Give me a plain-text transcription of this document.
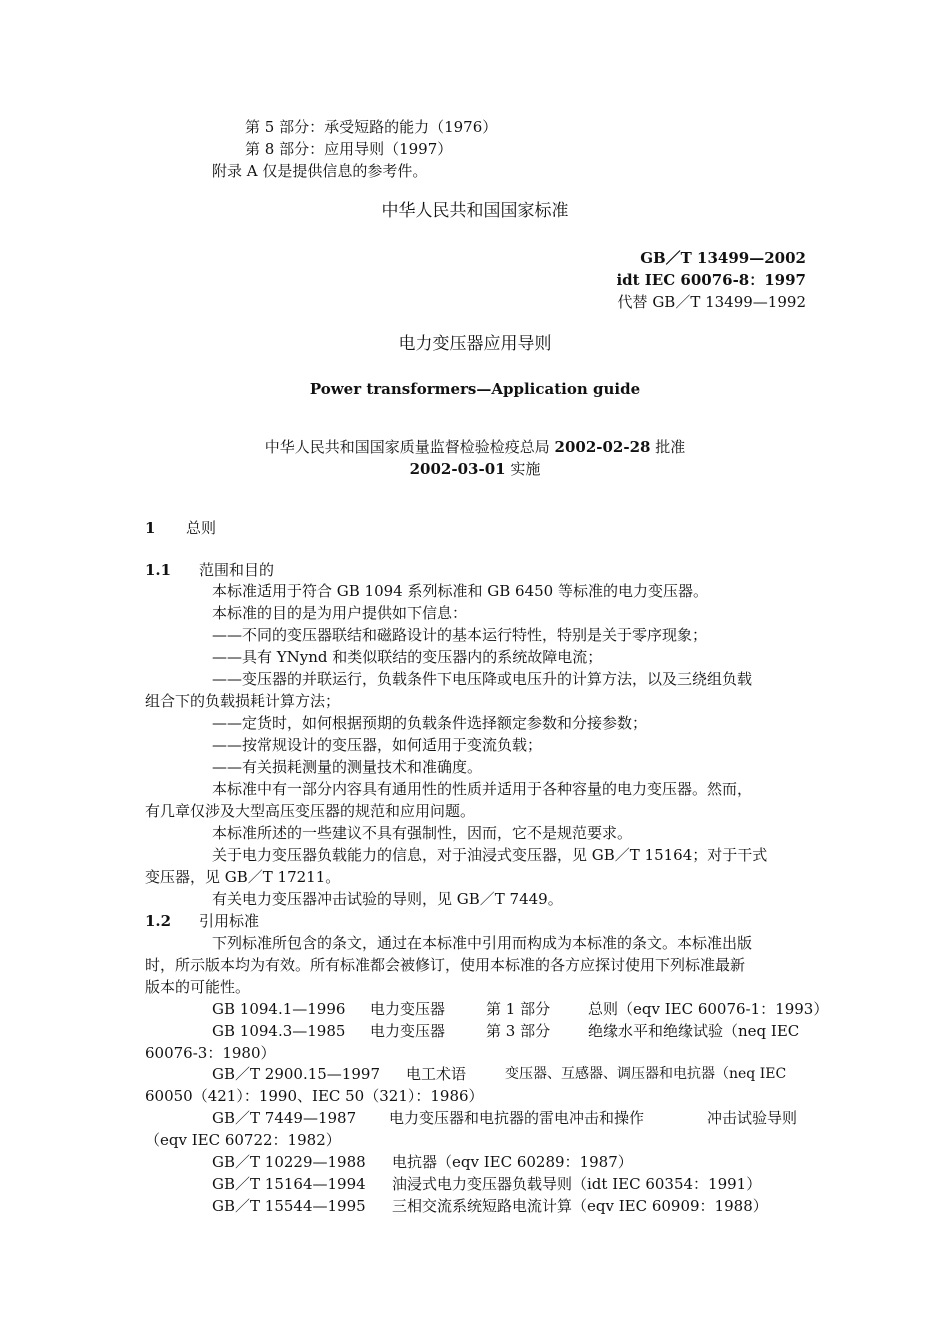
第 5 部分：承受短路的能力（1976）
第 8 部分：应用导则（1997）
附录 A 仅是提供信息的参考件。
中华人民共和国国家标准
GB／T 13499—2002
idt IEC 60076-8：1997
代替 GB／T 13499—1992
电力变压器应用导则
Power transformers—Application guide
中华人民共和国国家质量监督检验检疫总局 2002-02-28 批准
2002-03-01 实施
1 总则
1.1 范围和目的
本标准适用于符合 GB 1094 系列标准和 GB 6450 等标准的电力变压器。
本标准的目的是为用户提供如下信息：
——不同的变压器联结和磁路设计的基本运行特性，特别是关于零序现象；
——具有 YNynd 和类似联结的变压器内的系统故障电流；
——变压器的并联运行，负载条件下电压降或电压升的计算方法，以及三绕组负载
组合下的负载损耗计算方法；
——定货时，如何根据预期的负载条件选择额定参数和分接参数；
——按常规设计的变压器，如何适用于变流负载；
——有关损耗测量的测量技术和准确度。
本标准中有一部分内容具有通用性的性质并适用于各种容量的电力变压器。然而，
有几章仅涉及大型高压变压器的规范和应用问题。
本标准所述的一些建议不具有强制性，因而，它不是规范要求。
关于电力变压器负载能力的信息，对于油浸式变压器，见 GB／T 15164；对于干式
变压器，见 GB／T 17211。
有关电力变压器冲击试验的导则，见 GB／T 7449。
1.2 引用标准
下列标准所包含的条文，通过在本标准中引用而构成为本标准的条文。本标准出版
时，所示版本均为有效。所有标准都会被修订，使用本标准的各方应探讨使用下列标准最新
版本的可能性。
GB 1094.1—1996 电力变压器	第 1 部分	总则（eqv IEC 60076-1：1993）
GB 1094.3—1985 电力变压器	第 3 部分	绝缘水平和绝缘试验（neq IEC
60076-3：1980）
GB／T 2900.15—1997 电工术语	变压器、互感器、调压器和电抗器（neq IEC
60050（421）：1990、IEC 50（321）：1986）
GB／T 7449—1987 电力变压器和电抗器的雷电冲击和操作	冲击试验导则
（eqv IEC 60722：1982）
GB／T 10229—1988 电抗器（eqv IEC 60289：1987）
GB／T 15164—1994 油浸式电力变压器负载导则（idt IEC 60354：1991）
GB／T 15544—1995 三相交流系统短路电流计算（eqv IEC 60909：1988）
